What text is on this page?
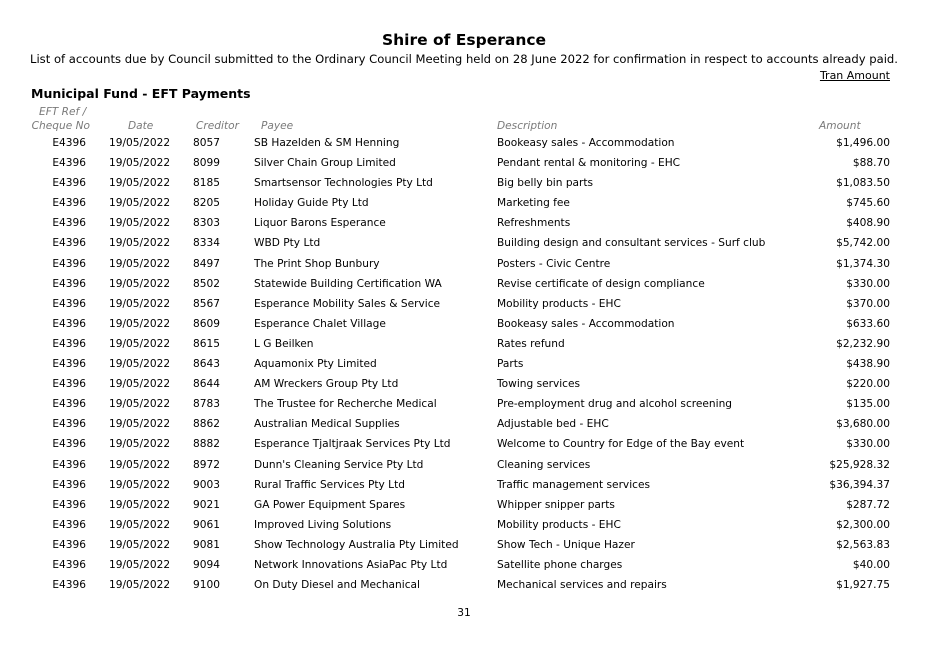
Shire of Esperance
List of accounts due by Council submitted to the Ordinary Council Meeting held on 28 June 2022 for confirmation in respect to accounts already paid.
Tran Amount
Municipal Fund - EFT Payments
EFT Ref /
Cheque No	Date	Creditor Payee	Description	Amount
E4396 19/05/2022 8057	SB Hazelden & SM Henning	Bookeasy sales - Accommodation	$1,496.00
E4396 19/05/2022 8099	Silver Chain Group Limited	Pendant rental & monitoring - EHC	$88.70
E4396 19/05/2022 8185	Smartsensor Technologies Pty Ltd	Big belly bin parts	$1,083.50
E4396 19/05/2022 8205	Holiday Guide Pty Ltd	Marketing fee	$745.60
E4396 19/05/2022 8303	Liquor Barons Esperance	Refreshments	$408.90
E4396 19/05/2022 8334	WBD Pty Ltd	Building design and consultant services - Surf club	$5,742.00
E4396 19/05/2022 8497	The Print Shop Bunbury	Posters - Civic Centre	$1,374.30
E4396 19/05/2022 8502	Statewide Building Certification WA	Revise certificate of design compliance	$330.00
E4396 19/05/2022 8567	Esperance Mobility Sales & Service	Mobility products - EHC	$370.00
E4396 19/05/2022 8609	Esperance Chalet Village	Bookeasy sales - Accommodation	$633.60
E4396 19/05/2022 8615	L G Beilken	Rates refund	$2,232.90
E4396 19/05/2022 8643	Aquamonix Pty Limited	Parts	$438.90
E4396 19/05/2022 8644	AM Wreckers Group Pty Ltd	Towing services	$220.00
E4396 19/05/2022 8783	The Trustee for Recherche Medical	Pre-employment drug and alcohol screening	$135.00
E4396 19/05/2022 8862	Australian Medical Supplies	Adjustable bed - EHC	$3,680.00
E4396 19/05/2022 8882	Esperance Tjaltjraak Services Pty Ltd	Welcome to Country for Edge of the Bay event	$330.00
E4396 19/05/2022 8972	Dunn's Cleaning Service Pty Ltd	Cleaning services	$25,928.32
E4396 19/05/2022 9003	Rural Traffic Services Pty Ltd	Traffic management services	$36,394.37
E4396 19/05/2022 9021	GA Power Equipment Spares	Whipper snipper parts	$287.72
E4396 19/05/2022 9061	Improved Living Solutions	Mobility products - EHC	$2,300.00
E4396 19/05/2022 9081	Show Technology Australia Pty Limited	Show Tech - Unique Hazer	$2,563.83
E4396 19/05/2022 9094	Network Innovations AsiaPac Pty Ltd	Satellite phone charges	$40.00
E4396 19/05/2022 9100	On Duty Diesel and Mechanical	Mechanical services and repairs	$1,927.75
31
